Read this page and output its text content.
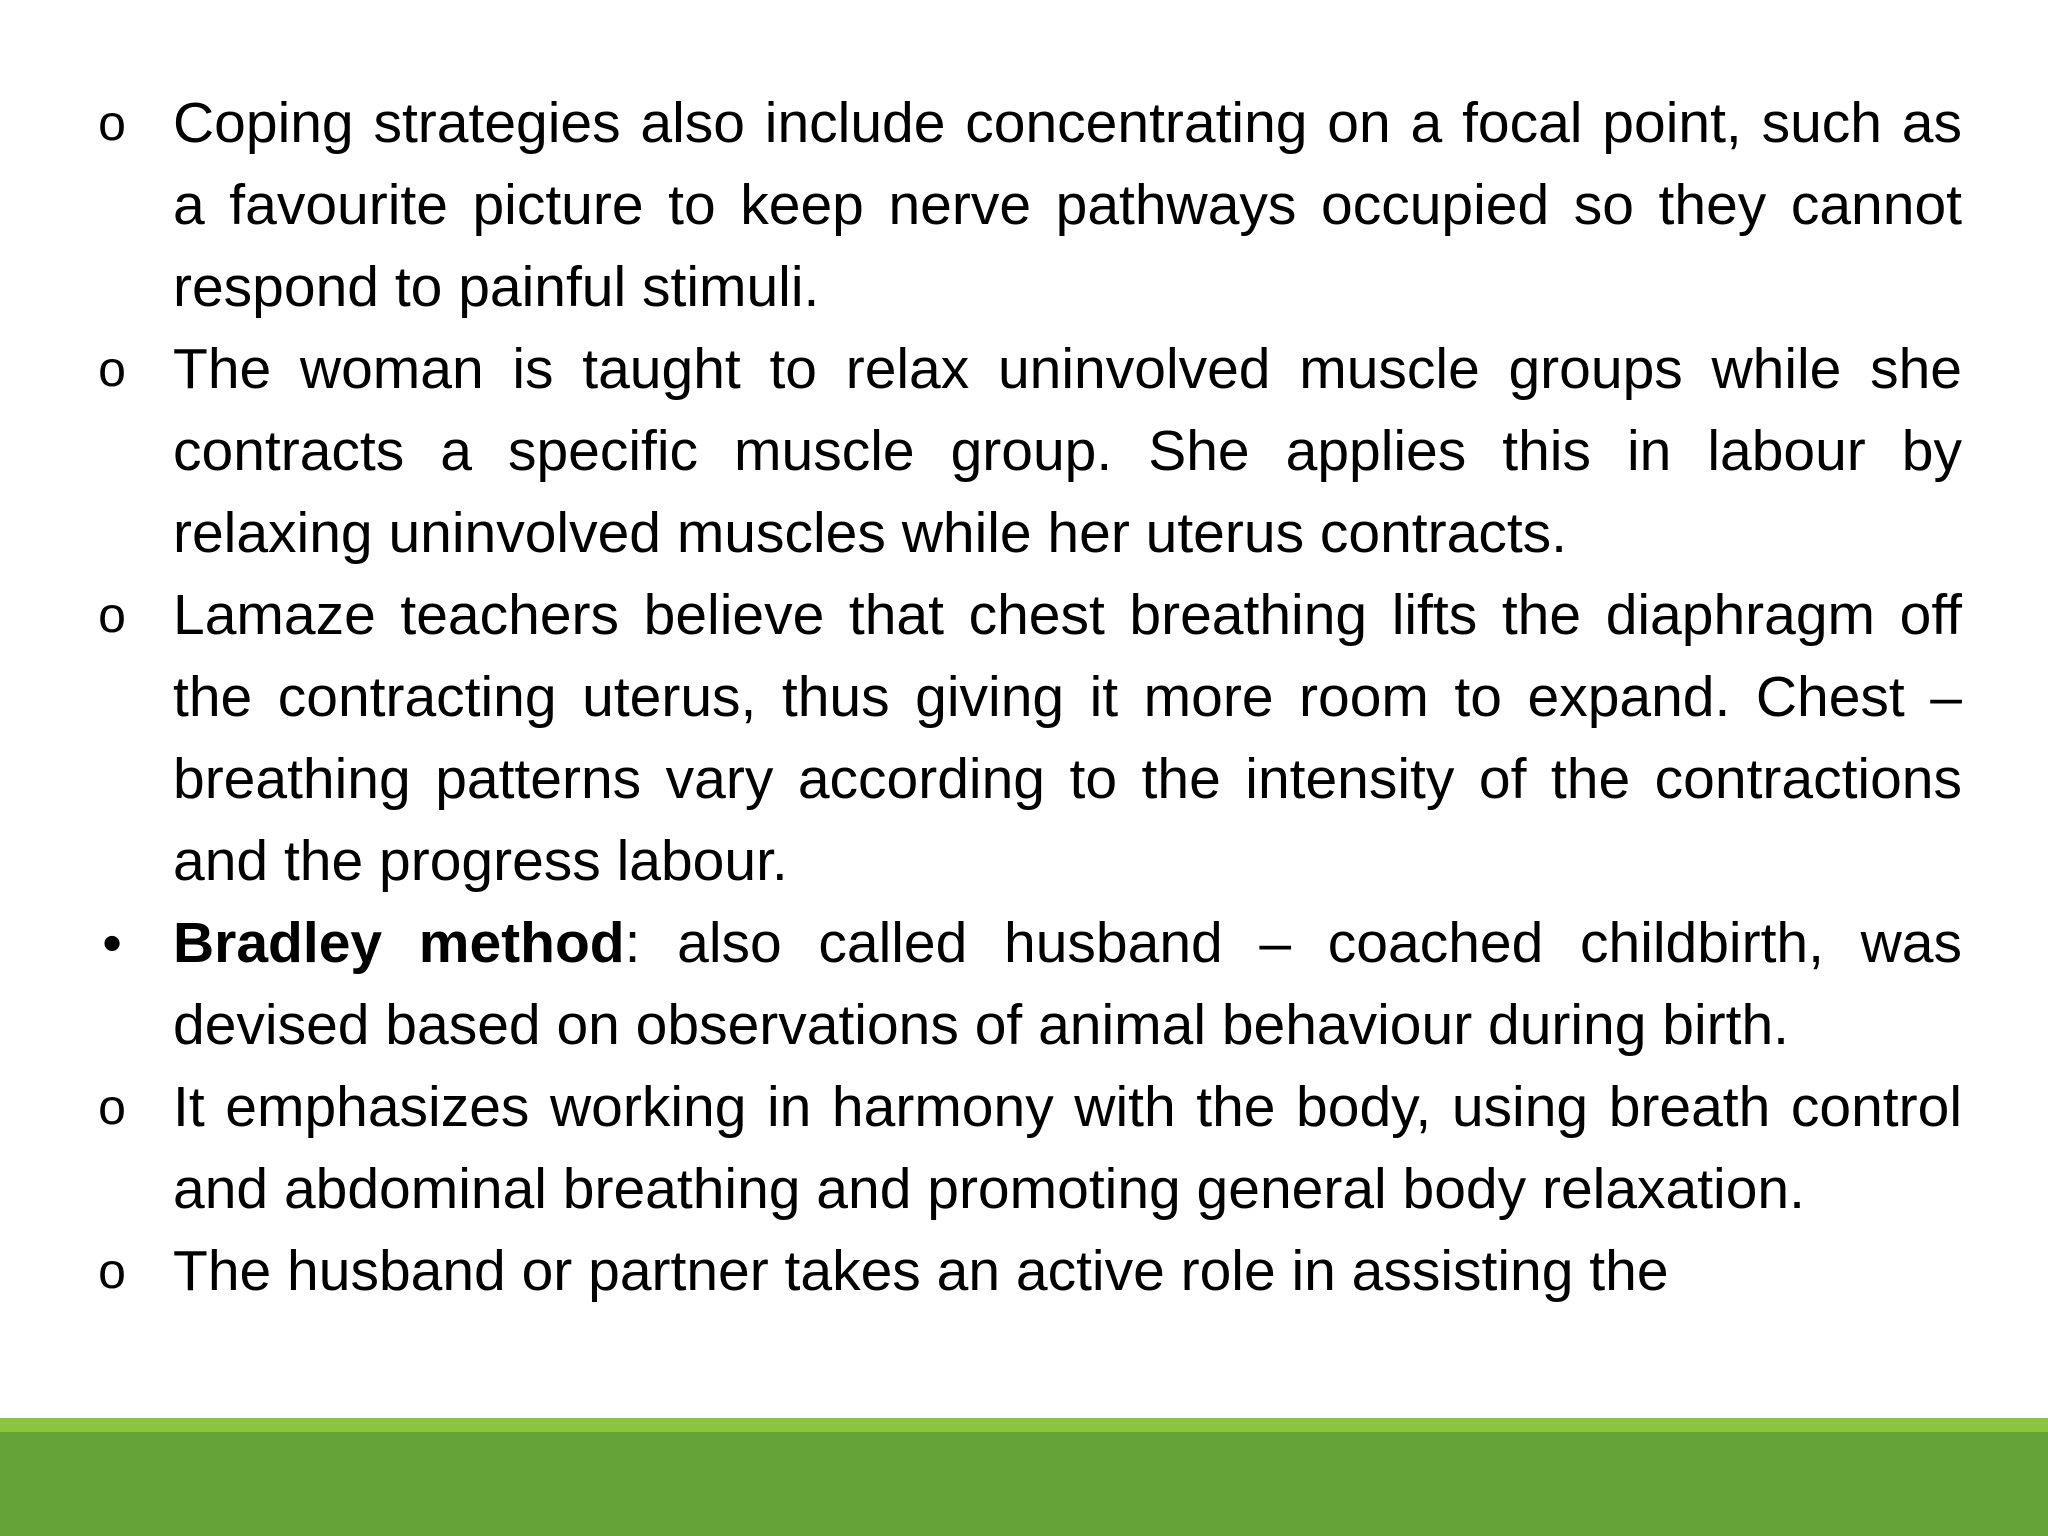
o Coping strategies also include concentrating on a focal point, such as a favourite picture to keep nerve pathways occupied so they cannot respond to painful stimuli.
o The woman is taught to relax uninvolved muscle groups while she contracts a specific muscle group. She applies this in labour by relaxing uninvolved muscles while her uterus contracts.
o Lamaze teachers believe that chest breathing lifts the diaphragm off the contracting uterus, thus giving it more room to expand. Chest – breathing patterns vary according to the intensity of the contractions and the progress labour.
• Bradley method: also called husband – coached childbirth, was devised based on observations of animal behaviour during birth.
o It emphasizes working in harmony with the body, using breath control and abdominal breathing and promoting general body relaxation.
o The husband or partner takes an active role in assisting the
